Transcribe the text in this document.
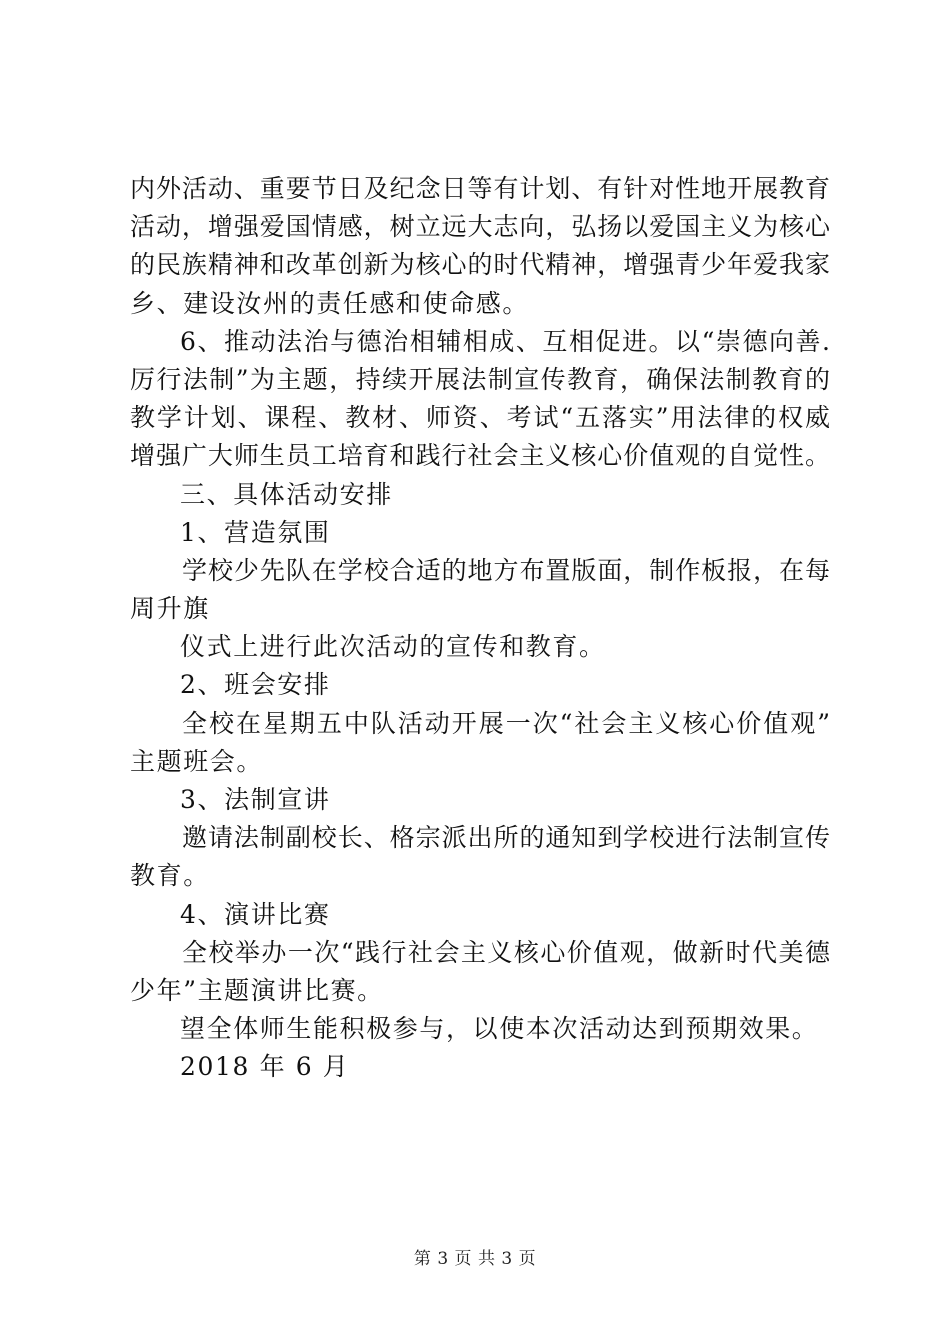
内外活动、重要节日及纪念日等有计划、有针对性地开展教育
活动，增强爱国情感，树立远大志向，弘扬以爱国主义为核心
的民族精神和改革创新为核心的时代精神，增强青少年爱我家
乡、建设汝州的责任感和使命感。
6、推动法治与德治相辅相成、互相促进。以“崇德向善.
厉行法制”为主题，持续开展法制宣传教育，确保法制教育的
教学计划、课程、教材、师资、考试“五落实”用法律的权威
增强广大师生员工培育和践行社会主义核心价值观的自觉性。
三、具体活动安排
1、营造氛围
学校少先队在学校合适的地方布置版面，制作板报，在每
周升旗
仪式上进行此次活动的宣传和教育。
2、班会安排
全校在星期五中队活动开展一次“社会主义核心价值观”
主题班会。
3、法制宣讲
邀请法制副校长、格宗派出所的通知到学校进行法制宣传
教育。
4、演讲比赛
全校举办一次“践行社会主义核心价值观，做新时代美德
少年”主题演讲比赛。
望全体师生能积极参与，以使本次活动达到预期效果。
2018 年 6 月
第 3 页 共 3 页
